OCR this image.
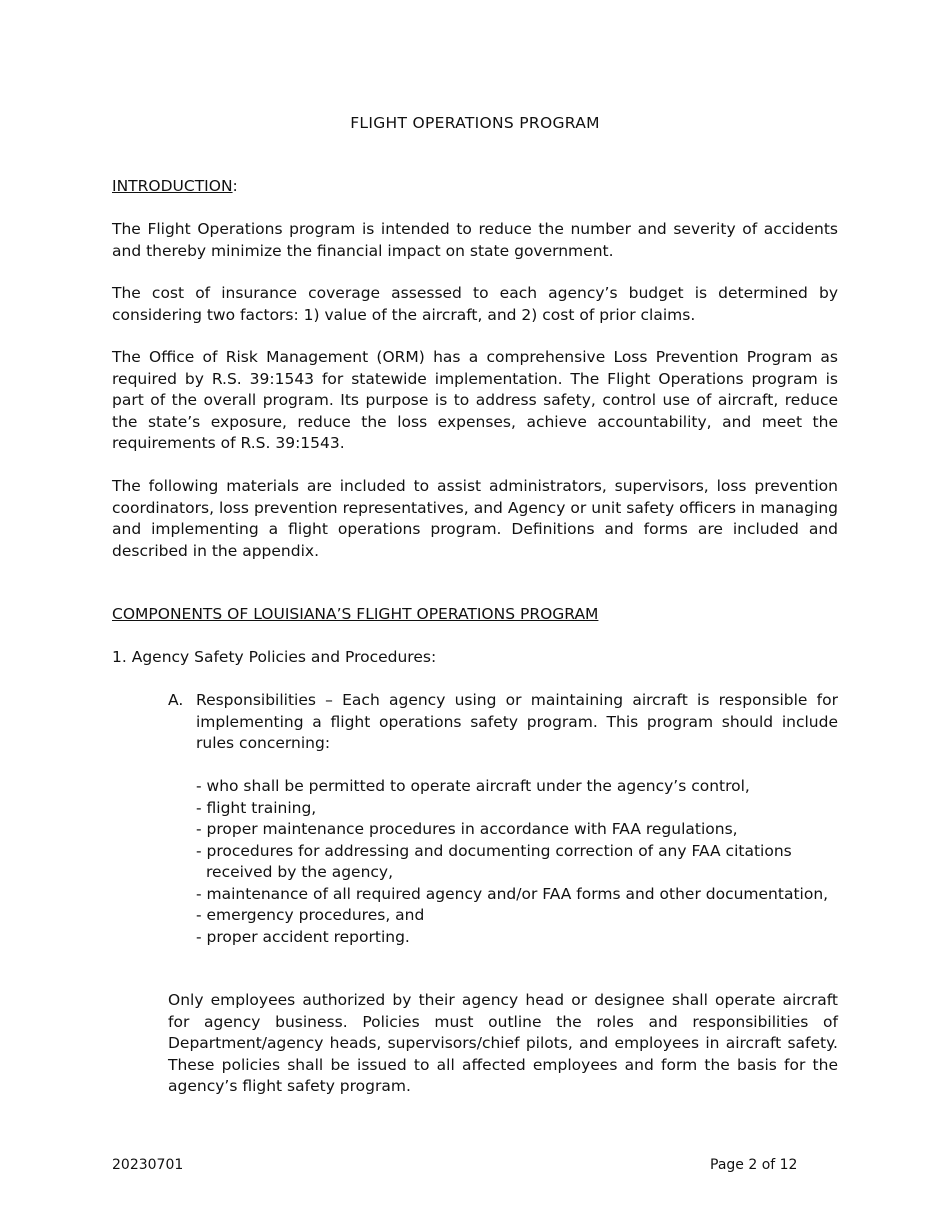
FLIGHT OPERATIONS PROGRAM

INTRODUCTION:

The Flight Operations program is intended to reduce the number and severity of accidents and thereby minimize the financial impact on state government.

The cost of insurance coverage assessed to each agency’s budget is determined by considering two factors: 1) value of the aircraft, and 2) cost of prior claims.

The Office of Risk Management (ORM) has a comprehensive Loss Prevention Program as required by R.S. 39:1543 for statewide implementation. The Flight Operations program is part of the overall program. Its purpose is to address safety, control use of aircraft, reduce the state’s exposure, reduce the loss expenses, achieve accountability, and meet the requirements of R.S. 39:1543.

The following materials are included to assist administrators, supervisors, loss prevention coordinators, loss prevention representatives, and Agency or unit safety officers in managing and implementing a flight operations program. Definitions and forms are included and described in the appendix.

COMPONENTS OF LOUISIANA’S FLIGHT OPERATIONS PROGRAM

1. Agency Safety Policies and Procedures:

A. Responsibilities – Each agency using or maintaining aircraft is responsible for implementing a flight operations safety program. This program should include rules concerning:
- who shall be permitted to operate aircraft under the agency’s control,
- flight training,
- proper maintenance procedures in accordance with FAA regulations,
- procedures for addressing and documenting correction of any FAA citations received by the agency,
- maintenance of all required agency and/or FAA forms and other documentation,
- emergency procedures, and
- proper accident reporting.

Only employees authorized by their agency head or designee shall operate aircraft for agency business. Policies must outline the roles and responsibilities of Department/agency heads, supervisors/chief pilots, and employees in aircraft safety. These policies shall be issued to all affected employees and form the basis for the agency’s flight safety program.

20230701	Page 2 of 12
